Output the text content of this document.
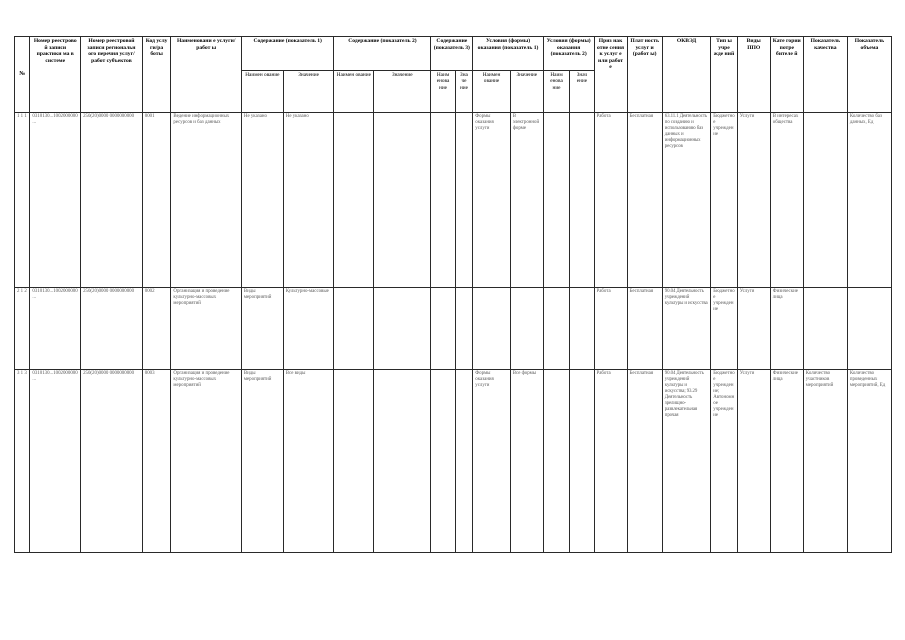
№	Номер реестрово й записи практики ма в системе	Номер реестровой записи региональн ого перечня услуг/работ субъектов	Код услу ги/ра боты	Наименовани е услуги/работ ы	Содержание (показатель 1)		Содержание (показатель 2)		Содержание (показатель 3)		Условия (формы) оказания (показатель 1)		Условия (формы) оказания (показатель 2)		Приз нак отне сения к услуг е или работ е	Плат ность услуг и (работ ы)	ОКВЭД	Тип ы учре жде ний	Виды ППО	Кате гории потре бителе й	Показатель качества	Показатель объема
					Наимен ование	Значение	Наимен ование	Значение	Наим енова ние	Зна че ние	Наимен ование	Значение	Наим енова ние	Знач ение								
1 1 1	0310130...1002000000...	250(20)0000 0000000000	0001	Ведение информационных ресурсов и баз данных	Не указано	Не указано					Формы оказания услуги	В электронной форме			Работа	Бесплатная	63.11.1 Деятельность по созданию и использованию баз данных и информационных ресурсов	Бюджетное учреждение	Услуги	В интересах общества		Количество баз данных, Ед
2 1 2	0310130...1002000000...	250(20)0000 0000000000	0002	Организация и проведение культурно-массовых мероприятий	Виды мероприятий	Культурно-массовые									Работа	Бесплатная	90.04 Деятельность учреждений культуры и искусства	Бюджетное учреждение	Услуги	Физические лица		
3 1 3	0310130...1002000000...	250(20)0000 0000000000	0003	Организация и проведение культурно-массовых мероприятий	Виды мероприятий	Все виды					Формы оказания услуги	Все формы			Работа	Бесплатная	90.04 Деятельность учреждений культуры и искусства; 93.29 Деятельность зрелищно-развлекательная прочая	Бюджетное учреждение; Автономное учреждение	Услуги	Физические лица	Количество участников мероприятий	Количество проведенных мероприятий, Ед
